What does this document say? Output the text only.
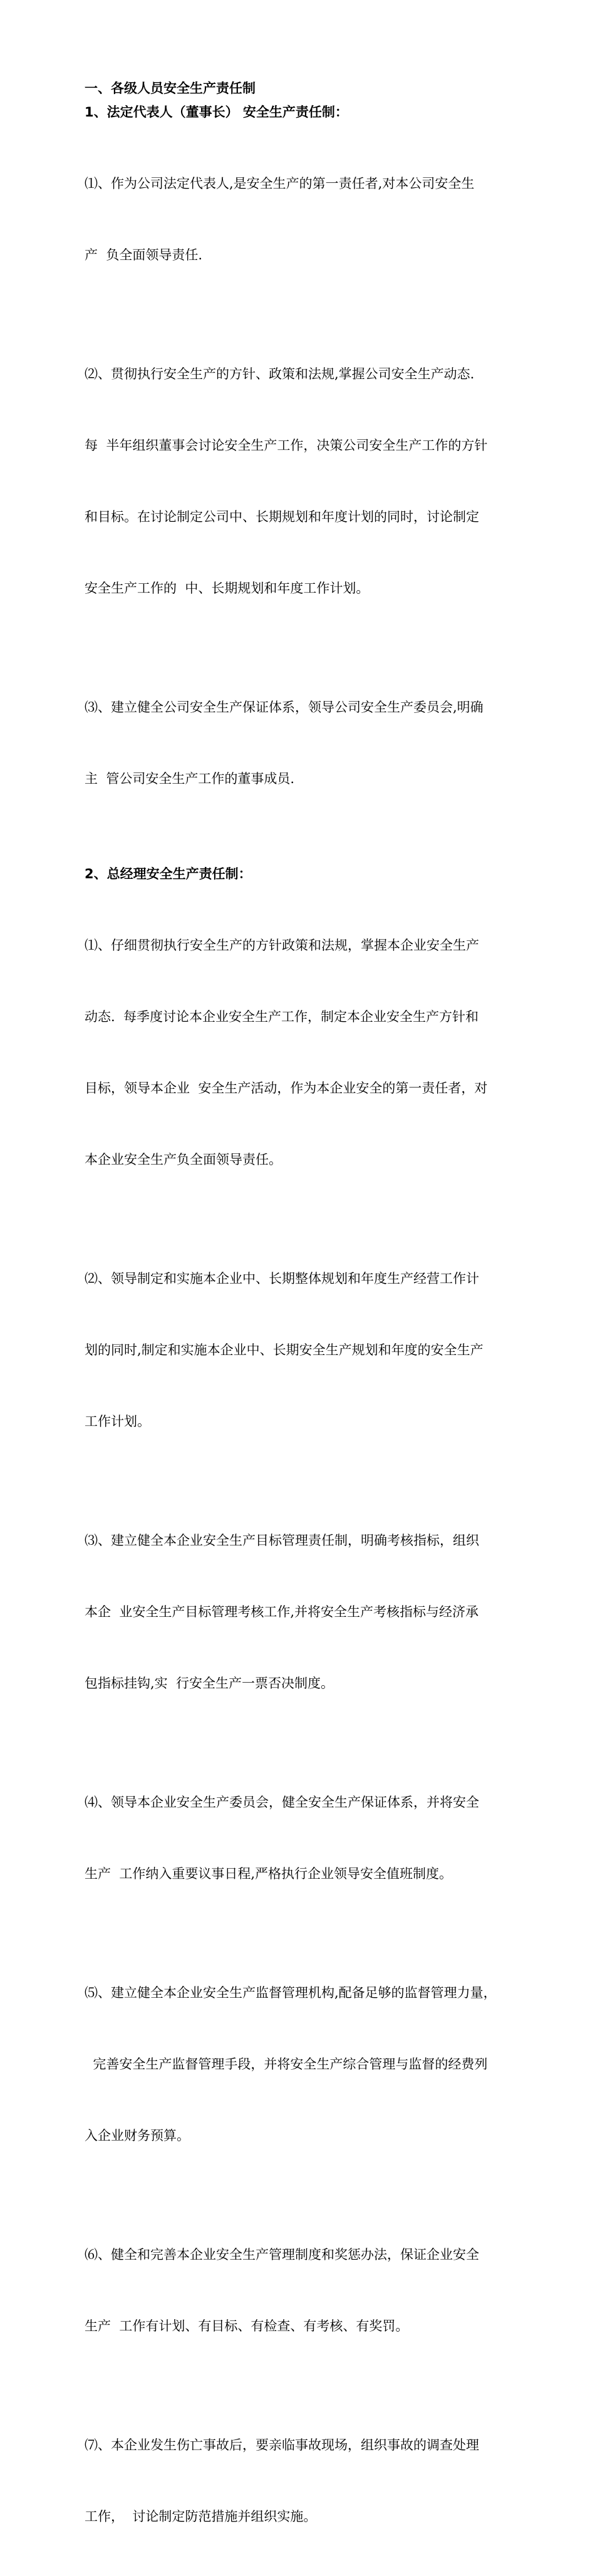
一、各级人员安全生产责任制

1、法定代表人（董事长） 安全生产责任制：

⑴、作为公司法定代表人,是安全生产的第一责任者,对本公司安全生

产  负全面领导责任.

⑵、贯彻执行安全生产的方针、政策和法规,掌握公司安全生产动态.

每  半年组织董事会讨论安全生产工作，决策公司安全生产工作的方针

和目标。在讨论制定公司中、长期规划和年度计划的同时，讨论制定

安全生产工作的  中、长期规划和年度工作计划。

⑶、建立健全公司安全生产保证体系，领导公司安全生产委员会,明确

主  管公司安全生产工作的董事成员.

2、总经理安全生产责任制：

⑴、仔细贯彻执行安全生产的方针政策和法规，掌握本企业安全生产

动态.  每季度讨论本企业安全生产工作，制定本企业安全生产方针和

目标，领导本企业  安全生产活动，作为本企业安全的第一责任者，对

本企业安全生产负全面领导责任。

⑵、领导制定和实施本企业中、长期整体规划和年度生产经营工作计

划的同时,制定和实施本企业中、长期安全生产规划和年度的安全生产

工作计划。

⑶、建立健全本企业安全生产目标管理责任制，明确考核指标，组织

本企  业安全生产目标管理考核工作,并将安全生产考核指标与经济承

包指标挂钩,实  行安全生产一票否决制度。

⑷、领导本企业安全生产委员会，健全安全生产保证体系，并将安全

生产  工作纳入重要议事日程,严格执行企业领导安全值班制度。

⑸、建立健全本企业安全生产监督管理机构,配备足够的监督管理力量，

完善安全生产监督管理手段，并将安全生产综合管理与监督的经费列

入企业财务预算。

⑹、健全和完善本企业安全生产管理制度和奖惩办法，保证企业安全

生产  工作有计划、有目标、有检查、有考核、有奖罚。

⑺、本企业发生伤亡事故后，要亲临事故现场，组织事故的调查处理

工作，  讨论制定防范措施并组织实施。
